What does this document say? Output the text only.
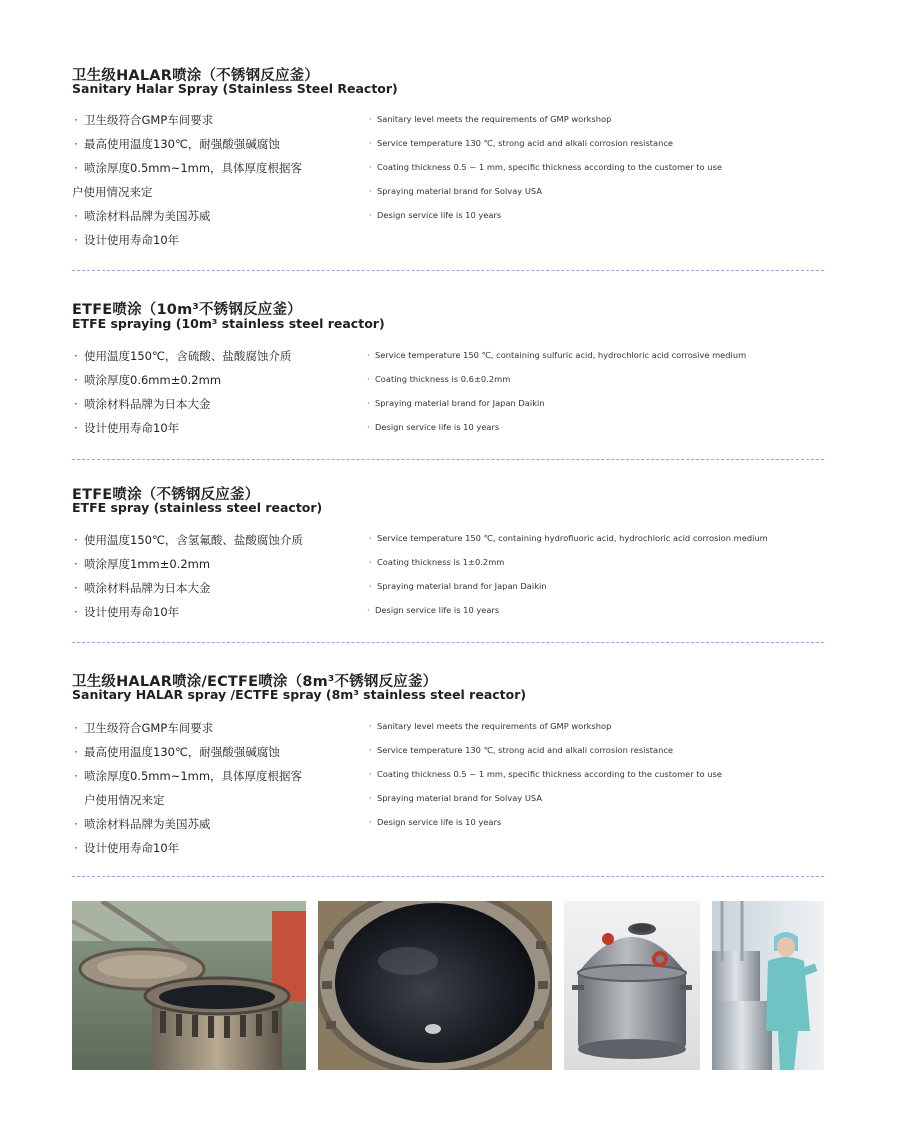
卫生级HALAR喷涂（不锈钢反应釜）
Sanitary Halar Spray (Stainless Steel Reactor)
· 卫生级符合GMP车间要求
· 最高使用温度130℃，耐强酸强碱腐蚀
· 喷涂厚度0.5mm~1mm，具体厚度根据客
户使用情况来定
· 喷涂材料品牌为美国苏威
· 设计使用寿命10年
· Sanitary level meets the requirements of GMP workshop
· Service temperature 130 ℃, strong acid and alkali corrosion resistance
· Coating thickness 0.5 ~ 1 mm, specific thickness according to the customer to use
· Spraying material brand for Solvay USA
· Design service life is 10 years
ETFE喷涂（10m³不锈钢反应釜）
ETFE spraying (10m³ stainless steel reactor)
· 使用温度150℃，含硫酸、盐酸腐蚀介质
· 喷涂厚度0.6mm±0.2mm
· 喷涂材料品牌为日本大金
· 设计使用寿命10年
· Service temperature 150 ℃, containing sulfuric acid, hydrochloric acid corrosive medium
· Coating thickness is 0.6±0.2mm
· Spraying material brand for Japan Daikin
· Design service life is 10 years
ETFE喷涂（不锈钢反应釜）
ETFE spray (stainless steel reactor)
· 使用温度150℃，含氢氟酸、盐酸腐蚀介质
· 喷涂厚度1mm±0.2mm
· 喷涂材料品牌为日本大金
· 设计使用寿命10年
· Service temperature 150 ℃, containing hydrofluoric acid, hydrochloric acid corrosion medium
· Coating thickness is 1±0.2mm
· Spraying material brand for Japan Daikin
· Design service life is 10 years
卫生级HALAR喷涂/ECTFE喷涂（8m³不锈钢反应釜）
Sanitary HALAR spray /ECTFE spray (8m³ stainless steel reactor)
· 卫生级符合GMP车间要求
· 最高使用温度130℃，耐强酸强碱腐蚀
· 喷涂厚度0.5mm~1mm，具体厚度根据客
户使用情况来定
· 喷涂材料品牌为美国苏威
· 设计使用寿命10年
· Sanitary level meets the requirements of GMP workshop
· Service temperature 130 ℃, strong acid and alkali corrosion resistance
· Coating thickness 0.5 ~ 1 mm, specific thickness according to the customer to use
· Spraying material brand for Solvay USA
· Design service life is 10 years
